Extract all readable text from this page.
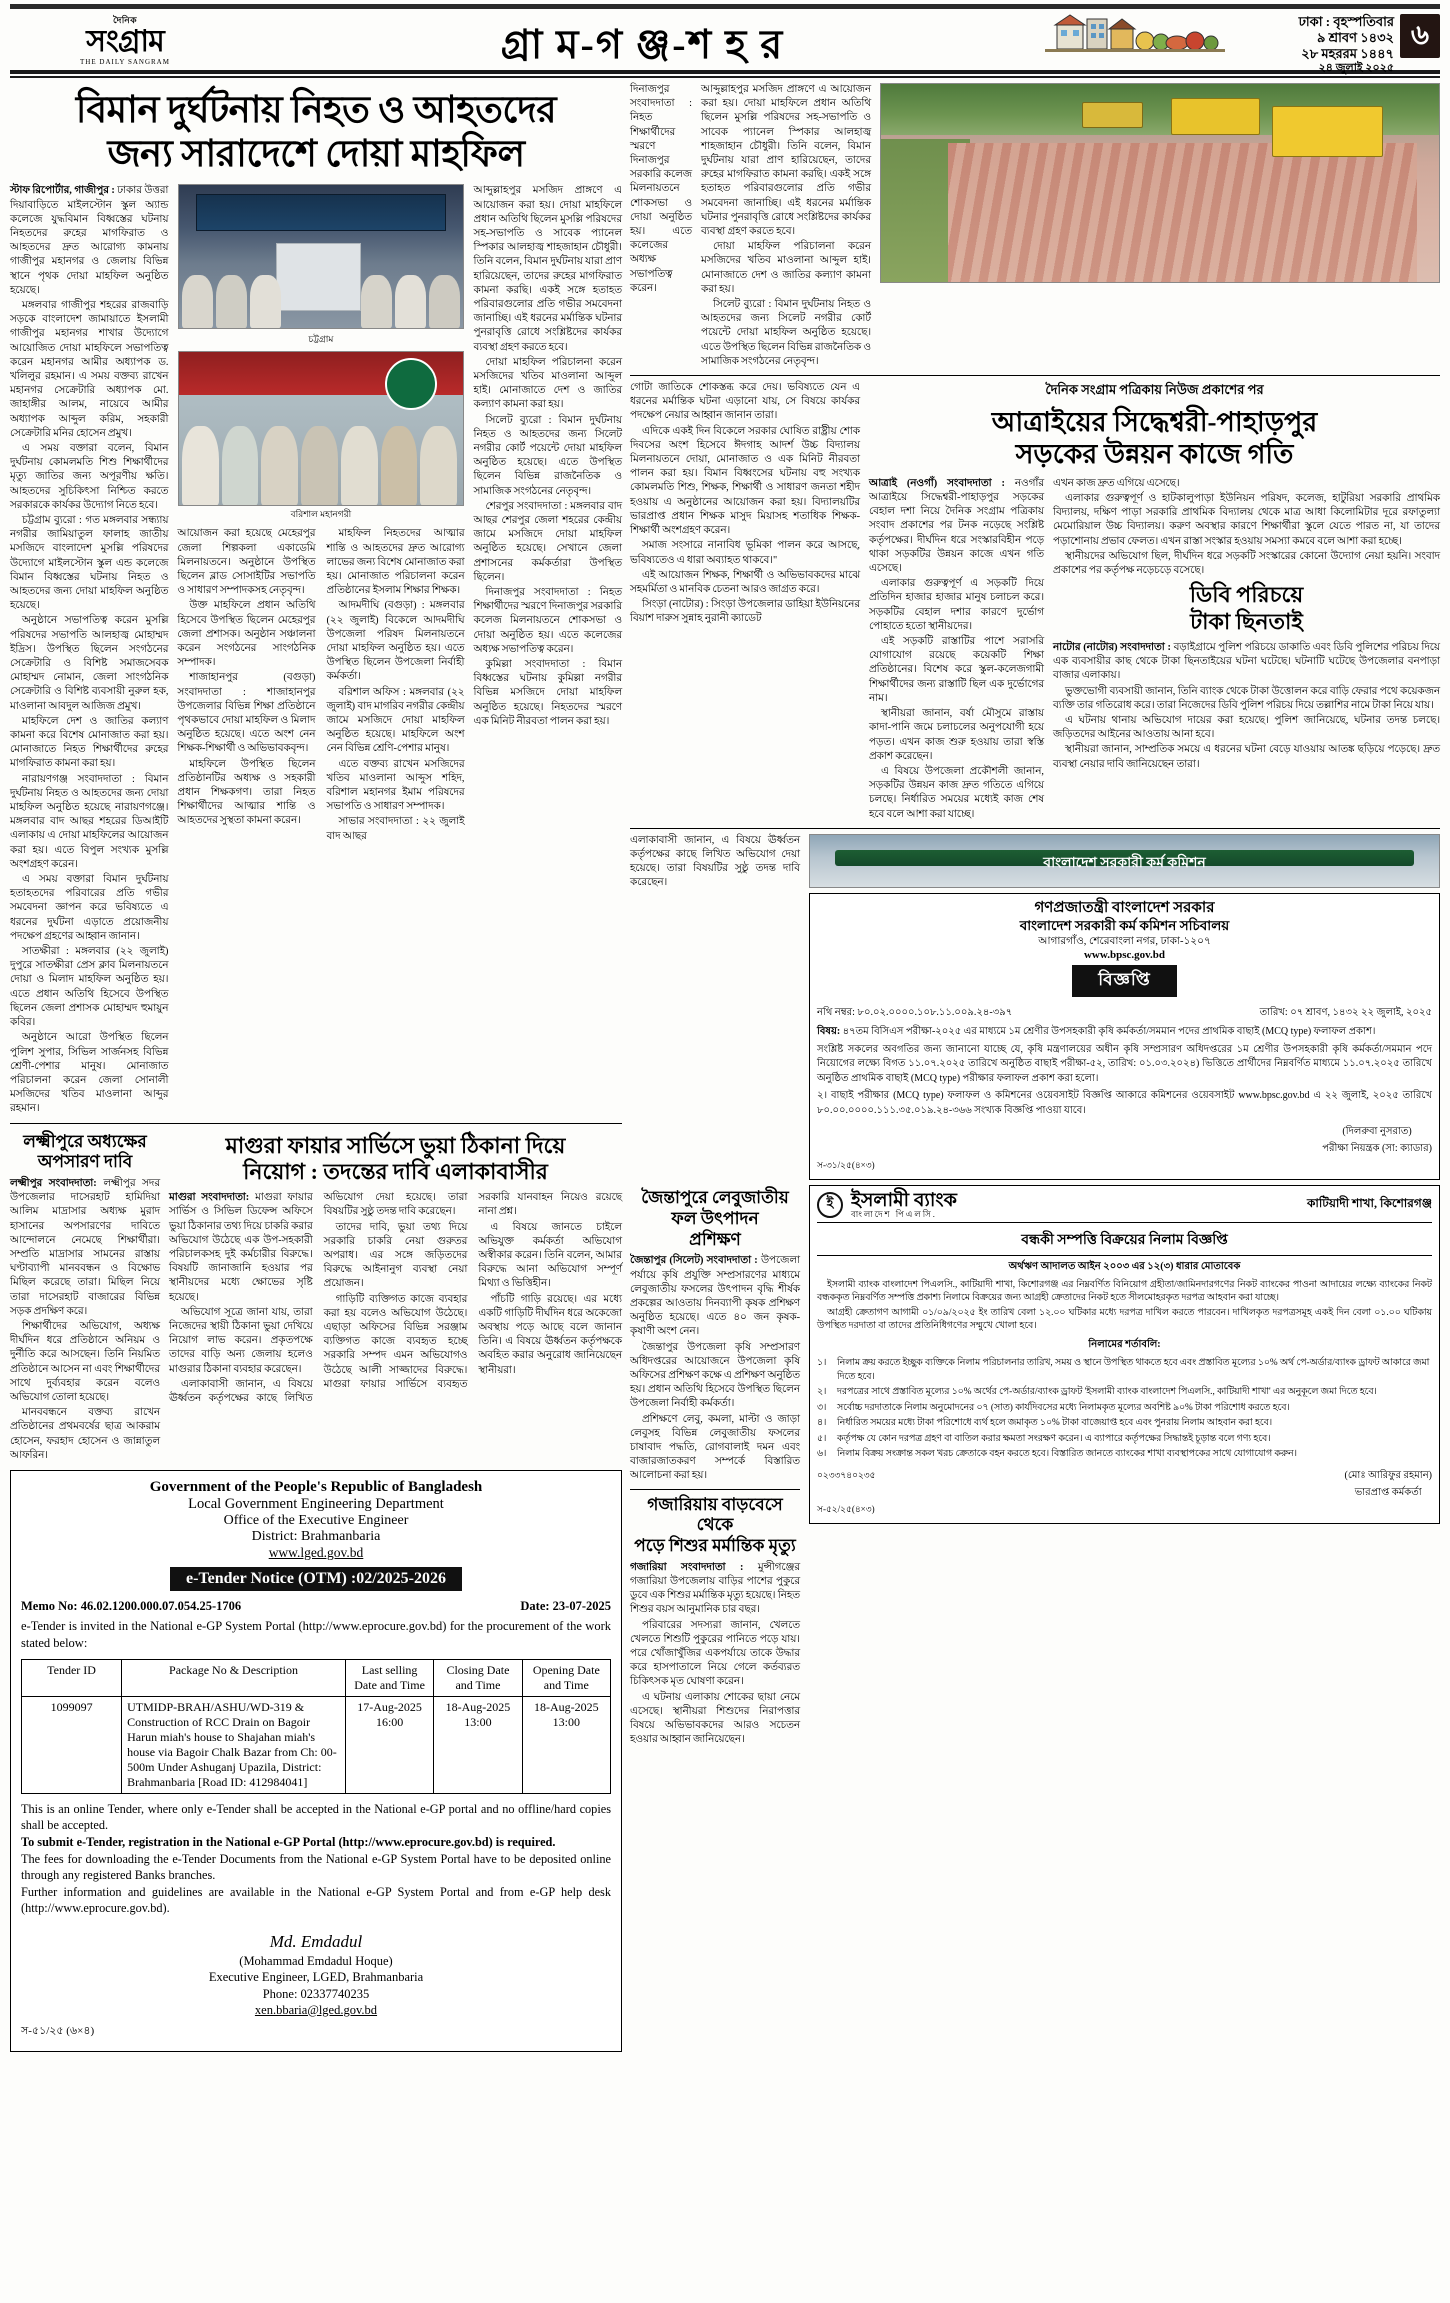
দৈনিক
সংগ্রাম
THE DAILY SANGRAM	গ্রা ম-গ ঞ্জ-শ হ র
ঢাকা : বৃহস্পতিবার
৯ শ্রাবণ ১৪৩২
২৮ মহররম ১৪৪৭
২৪ জুলাই ২০২৫
৬
বিমান দুর্ঘটনায় নিহত ও আহতদের
জন্য সারাদেশে দোয়া মাহফিল

স্টাফ রিপোর্টার, গাজীপুর : ঢাকার উত্তরা দিয়াবাড়িতে মাইলস্টোন স্কুল অ্যান্ড কলেজে যুদ্ধবিমান বিধ্বস্তের ঘটনায় নিহতদের রুহের মাগফিরাত ও আহতদের দ্রুত আরোগ্য কামনায় গাজীপুর মহানগর ও জেলায় বিভিন্ন স্থানে পৃথক দোয়া মাহফিল অনুষ্ঠিত হয়েছে।

মঙ্গলবার গাজীপুর শহরের রাজবাড়ি সড়কে বাংলাদেশ জামায়াতে ইসলামী গাজীপুর মহানগর শাখার উদ্যোগে আয়োজিত দোয়া মাহফিলে সভাপতিত্ব করেন মহানগর আমীর অধ্যাপক ড. খলিলুর রহমান। এ সময় বক্তব্য রাখেন মহানগর সেক্রেটারি অধ্যাপক মো. জাহাঙ্গীর আলম, নায়েবে আমীর অধ্যাপক আব্দুল করিম, সহকারী সেক্রেটারি মনির হোসেন প্রমুখ।

এ সময় বক্তারা বলেন, বিমান দুর্ঘটনায় কোমলমতি শিশু শিক্ষার্থীদের মৃত্যু জাতির জন্য অপূরণীয় ক্ষতি। আহতদের সুচিকিৎসা নিশ্চিত করতে সরকারকে কার্যকর উদ্যোগ নিতে হবে।

চট্টগ্রাম ব্যুরো : গত মঙ্গলবার সন্ধ্যায় নগরীর জামিয়াতুল ফালাহ জাতীয় মসজিদে বাংলাদেশ মুসল্লি পরিষদের উদ্যোগে মাইলস্টোন স্কুল এন্ড কলেজে বিমান বিধ্বস্তের ঘটনায় নিহত ও আহতদের জন্য দোয়া মাহফিল অনুষ্ঠিত হয়েছে।

অনুষ্ঠানে সভাপতিত্ব করেন মুসল্লি পরিষদের সভাপতি আলহাজ্ব মোহাম্মদ ইদ্রিস। উপস্থিত ছিলেন সংগঠনের সেক্রেটারি ও বিশিষ্ট সমাজসেবক মোহাম্মদ নোমান, জেলা সাংগঠনিক সেক্রেটারি ও বিশিষ্ট ব্যবসায়ী নুরুল হক, মাওলানা আবদুল আজিজ প্রমুখ।

মাহফিলে দেশ ও জাতির কল্যাণ কামনা করে বিশেষ মোনাজাত করা হয়। মোনাজাতে নিহত শিক্ষার্থীদের রুহের মাগফিরাত কামনা করা হয়।

নারায়ণগঞ্জ সংবাদদাতা : বিমান দুর্ঘটনায় নিহত ও আহতদের জন্য দোয়া মাহফিল অনুষ্ঠিত হয়েছে নারায়ণগঞ্জে। মঙ্গলবার বাদ আছর শহরের ডিআইটি এলাকায় এ দোয়া মাহফিলের আয়োজন করা হয়। এতে বিপুল সংখ্যক মুসল্লি অংশগ্রহণ করেন।

এ সময় বক্তারা বিমান দুর্ঘটনায় হতাহতদের পরিবারের প্রতি গভীর সমবেদনা জ্ঞাপন করে ভবিষ্যতে এ ধরনের দুর্ঘটনা এড়াতে প্রয়োজনীয় পদক্ষেপ গ্রহণের আহ্বান জানান।

সাতক্ষীরা : মঙ্গলবার (২২ জুলাই) দুপুরে সাতক্ষীরা প্রেস ক্লাব মিলনায়তনে দোয়া ও মিলাদ মাহফিল অনুষ্ঠিত হয়। এতে প্রধান অতিথি হিসেবে উপস্থিত ছিলেন জেলা প্রশাসক মোহাম্মদ হুমায়ুন কবির।

অনুষ্ঠানে আরো উপস্থিত ছিলেন পুলিশ সুপার, সিভিল সার্জনসহ বিভিন্ন শ্রেণী-পেশার মানুষ। মোনাজাত পরিচালনা করেন জেলা সোনালী মসজিদের খতিব মাওলানা আব্দুর রহমান।

চট্টগ্রাম
বরিশাল মহানগরী

আয়োজন করা হয়েছে মেহেরপুর জেলা শিল্পকলা একাডেমি মিলনায়তনে। অনুষ্ঠানে উপস্থিত ছিলেন ব্লাড সোসাইটির সভাপতি ও সাধারণ সম্পাদকসহ নেতৃবৃন্দ।

উক্ত মাহফিলে প্রধান অতিথি হিসেবে উপস্থিত ছিলেন মেহেরপুর জেলা প্রশাসক। অনুষ্ঠান সঞ্চালনা করেন সংগঠনের সাংগঠনিক সম্পাদক।

শাজাহানপুর (বগুড়া) সংবাদদাতা : শাজাহানপুর উপজেলার বিভিন্ন শিক্ষা প্রতিষ্ঠানে পৃথকভাবে দোয়া মাহফিল ও মিলাদ অনুষ্ঠিত হয়েছে। এতে অংশ নেন শিক্ষক-শিক্ষার্থী ও অভিভাবকবৃন্দ।

মাহফিলে উপস্থিত ছিলেন প্রতিষ্ঠানটির অধ্যক্ষ ও সহকারী প্রধান শিক্ষকগণ। তারা নিহত শিক্ষার্থীদের আত্মার শান্তি ও আহতদের সুস্থতা কামনা করেন।

মাহফিল নিহতদের আত্মার শান্তি ও আহতদের দ্রুত আরোগ্য লাভের জন্য বিশেষ মোনাজাত করা হয়। মোনাজাত পরিচালনা করেন প্রতিষ্ঠানের ইসলাম শিক্ষার শিক্ষক।

আদমদীঘি (বগুড়া) : মঙ্গলবার (২২ জুলাই) বিকেলে আদমদীঘি উপজেলা পরিষদ মিলনায়তনে দোয়া মাহফিল অনুষ্ঠিত হয়। এতে উপস্থিত ছিলেন উপজেলা নির্বাহী কর্মকর্তা।

বরিশাল অফিস : মঙ্গলবার (২২ জুলাই) বাদ মাগরিব নগরীর কেন্দ্রীয় জামে মসজিদে দোয়া মাহফিল অনুষ্ঠিত হয়েছে। মাহফিলে অংশ নেন বিভিন্ন শ্রেণি-পেশার মানুষ।

এতে বক্তব্য রাখেন মসজিদের খতিব মাওলানা আব্দুস শহিদ, বরিশাল মহানগর ইমাম পরিষদের সভাপতি ও সাধারণ সম্পাদক।

সাভার সংবাদদাতা : ২২ জুলাই বাদ আছর

আব্দুল্লাহপুর মসজিদ প্রাঙ্গণে এ আয়োজন করা হয়। দোয়া মাহফিলে প্রধান অতিথি ছিলেন মুসল্লি পরিষদের সহ-সভাপতি ও সাবেক প্যানেল স্পিকার আলহাজ্ব শাহজাহান চৌধুরী। তিনি বলেন, বিমান দুর্ঘটনায় যারা প্রাণ হারিয়েছেন, তাদের রুহের মাগফিরাত কামনা করছি। একই সঙ্গে হতাহত পরিবারগুলোর প্রতি গভীর সমবেদনা জানাচ্ছি। এই ধরনের মর্মান্তিক ঘটনার পুনরাবৃত্তি রোধে সংশ্লিষ্টদের কার্যকর ব্যবস্থা গ্রহণ করতে হবে।

দোয়া মাহফিল পরিচালনা করেন মসজিদের খতিব মাওলানা আব্দুল হাই। মোনাজাতে দেশ ও জাতির কল্যাণ কামনা করা হয়।

সিলেট ব্যুরো : বিমান দুর্ঘটনায় নিহত ও আহতদের জন্য সিলেট নগরীর কোর্ট পয়েন্টে দোয়া মাহফিল অনুষ্ঠিত হয়েছে। এতে উপস্থিত ছিলেন বিভিন্ন রাজনৈতিক ও সামাজিক সংগঠনের নেতৃবৃন্দ।

শেরপুর সংবাদদাতা : মঙ্গলবার বাদ আছর শেরপুর জেলা শহরের কেন্দ্রীয় জামে মসজিদে দোয়া মাহফিল অনুষ্ঠিত হয়েছে। সেখানে জেলা প্রশাসনের কর্মকর্তারা উপস্থিত ছিলেন।

দিনাজপুর সংবাদদাতা : নিহত শিক্ষার্থীদের স্মরণে দিনাজপুর সরকারি কলেজ মিলনায়তনে শোকসভা ও দোয়া অনুষ্ঠিত হয়। এতে কলেজের অধ্যক্ষ সভাপতিত্ব করেন।

কুমিল্লা সংবাদদাতা : বিমান বিধ্বস্তের ঘটনায় কুমিল্লা নগরীর বিভিন্ন মসজিদে দোয়া মাহফিল অনুষ্ঠিত হয়েছে। নিহতদের স্মরণে এক মিনিট নীরবতা পালন করা হয়।

লক্ষ্মীপুরে অধ্যক্ষের
অপসারণ দাবি

লক্ষ্মীপুর সংবাদদাতা: লক্ষ্মীপুর সদর উপজেলার দাসেরহাট হামিদিয়া আলিম মাদ্রাসার অধ্যক্ষ মুরাদ হাসানের অপসারণের দাবিতে আন্দোলনে নেমেছে শিক্ষার্থীরা। সম্প্রতি মাদ্রাসার সামনের রাস্তায় ঘণ্টাব্যাপী মানববন্ধন ও বিক্ষোভ মিছিল করেছে তারা। মিছিল নিয়ে তারা দাসেরহাট বাজারের বিভিন্ন সড়ক প্রদক্ষিণ করে।

শিক্ষার্থীদের অভিযোগ, অধ্যক্ষ দীর্ঘদিন ধরে প্রতিষ্ঠানে অনিয়ম ও দুর্নীতি করে আসছেন। তিনি নিয়মিত প্রতিষ্ঠানে আসেন না এবং শিক্ষার্থীদের সাথে দুর্ব্যবহার করেন বলেও অভিযোগ তোলা হয়েছে।

মানববন্ধনে বক্তব্য রাখেন প্রতিষ্ঠানের প্রথমবর্ষের ছাত্র আকরাম হোসেন, ফরহাদ হোসেন ও জান্নাতুল আফরিন।

মাগুরা ফায়ার সার্ভিসে ভুয়া ঠিকানা দিয়ে
নিয়োগ : তদন্তের দাবি এলাকাবাসীর

মাগুরা সংবাদদাতা: মাগুরা ফায়ার সার্ভিস ও সিভিল ডিফেন্স অফিসে ভুয়া ঠিকানার তথ্য দিয়ে চাকরি করার অভিযোগ উঠেছে এক উপ-সহকারী পরিচালকসহ দুই কর্মচারীর বিরুদ্ধে। বিষয়টি জানাজানি হওয়ার পর স্থানীয়দের মধ্যে ক্ষোভের সৃষ্টি হয়েছে।

অভিযোগ সূত্রে জানা যায়, তারা নিজেদের স্থায়ী ঠিকানা ভুয়া দেখিয়ে নিয়োগ লাভ করেন। প্রকৃতপক্ষে তাদের বাড়ি অন্য জেলায় হলেও মাগুরার ঠিকানা ব্যবহার করেছেন।

এলাকাবাসী জানান, এ বিষয়ে ঊর্ধ্বতন কর্তৃপক্ষের কাছে লিখিত অভিযোগ দেয়া হয়েছে। তারা বিষয়টির সুষ্ঠু তদন্ত দাবি করেছেন।

তাদের দাবি, ভুয়া তথ্য দিয়ে সরকারি চাকরি নেয়া গুরুতর অপরাধ। এর সঙ্গে জড়িতদের বিরুদ্ধে আইনানুগ ব্যবস্থা নেয়া প্রয়োজন।

গাড়িটি ব্যক্তিগত কাজে ব্যবহার করা হয় বলেও অভিযোগ উঠেছে। এছাড়া অফিসের বিভিন্ন সরঞ্জাম ব্যক্তিগত কাজে ব্যবহৃত হচ্ছে সরকারি সম্পদ এমন অভিযোগও উঠেছে আলী সাজ্জাদের বিরুদ্ধে। মাগুরা ফায়ার সার্ভিসে ব্যবহৃত সরকারি যানবাহন নিয়েও রয়েছে নানা প্রশ্ন।

এ বিষয়ে জানতে চাইলে অভিযুক্ত কর্মকর্তা অভিযোগ অস্বীকার করেন। তিনি বলেন, আমার বিরুদ্ধে আনা অভিযোগ সম্পূর্ণ মিথ্যা ও ভিত্তিহীন।

পাঁচটি গাড়ি রয়েছে। এর মধ্যে একটি গাড়িটি দীর্ঘদিন ধরে অকেজো অবস্থায় পড়ে আছে বলে জানান তিনি। এ বিষয়ে ঊর্ধ্বতন কর্তৃপক্ষকে অবহিত করার অনুরোধ জানিয়েছেন স্থানীয়রা।

Government of the People's Republic of Bangladesh
Local Government Engineering Department
Office of the Executive Engineer
District: Brahmanbaria
www.lged.gov.bd
e-Tender Notice (OTM) :02/2025-2026
Memo No: 46.02.1200.000.07.054.25-1706	Date: 23-07-2025
e-Tender is invited in the National e-GP System Portal (http://www.eprocure.gov.bd) for the procurement of the work stated below:
Tender ID	Package No & Description	Last selling Date and Time	Closing Date and Time	Opening Date and Time
1099097	UTMIDP-BRAH/ASHU/WD-319 & Construction of RCC Drain on Bagoir Harun miah's house to Shajahan miah's house via Bagoir Chalk Bazar from Ch: 00-500m Under Ashuganj Upazila, District: Brahmanbaria [Road ID: 412984041]	17-Aug-2025 16:00	18-Aug-2025 13:00	18-Aug-2025 13:00
This is an online Tender, where only e-Tender shall be accepted in the National e-GP portal and no offline/hard copies shall be accepted.
To submit e-Tender, registration in the National e-GP Portal (http://www.eprocure.gov.bd) is required.
The fees for downloading the e-Tender Documents from the National e-GP System Portal have to be deposited online through any registered Banks branches.
Further information and guidelines are available in the National e-GP System Portal and from e-GP help desk (http://www.eprocure.gov.bd).
Md. Emdadul
(Mohammad Emdadul Hoque)
Executive Engineer, LGED, Brahmanbaria
Phone: 02337740235
xen.bbaria@lged.gov.bd
স-৫১/২৫ (৬×৪)

দিনাজপুর সংবাদদাতা : নিহত শিক্ষার্থীদের স্মরণে দিনাজপুর সরকারি কলেজ মিলনায়তনে শোকসভা ও দোয়া অনুষ্ঠিত হয়। এতে কলেজের অধ্যক্ষ সভাপতিত্ব করেন।

আব্দুল্লাহপুর মসজিদ প্রাঙ্গণে এ আয়োজন করা হয়। দোয়া মাহফিলে প্রধান অতিথি ছিলেন মুসল্লি পরিষদের সহ-সভাপতি ও সাবেক প্যানেল স্পিকার আলহাজ্ব শাহজাহান চৌধুরী। তিনি বলেন, বিমান দুর্ঘটনায় যারা প্রাণ হারিয়েছেন, তাদের রুহের মাগফিরাত কামনা করছি। একই সঙ্গে হতাহত পরিবারগুলোর প্রতি গভীর সমবেদনা জানাচ্ছি। এই ধরনের মর্মান্তিক ঘটনার পুনরাবৃত্তি রোধে সংশ্লিষ্টদের কার্যকর ব্যবস্থা গ্রহণ করতে হবে।

দোয়া মাহফিল পরিচালনা করেন মসজিদের খতিব মাওলানা আব্দুল হাই। মোনাজাতে দেশ ও জাতির কল্যাণ কামনা করা হয়।

সিলেট ব্যুরো : বিমান দুর্ঘটনায় নিহত ও আহতদের জন্য সিলেট নগরীর কোর্ট পয়েন্টে দোয়া মাহফিল অনুষ্ঠিত হয়েছে। এতে উপস্থিত ছিলেন বিভিন্ন রাজনৈতিক ও সামাজিক সংগঠনের নেতৃবৃন্দ।

গোটা জাতিকে শোকস্তব্ধ করে দেয়। ভবিষ্যতে যেন এ ধরনের মর্মান্তিক ঘটনা এড়ানো যায়, সে বিষয়ে কার্যকর পদক্ষেপ নেয়ার আহ্বান জানান তারা।

এদিকে একই দিন বিকেলে সরকার ঘোষিত রাষ্ট্রীয় শোক দিবসের অংশ হিসেবে ঈদগাহ আদর্শ উচ্চ বিদ্যালয় মিলনায়তনে দোয়া, মোনাজাত ও এক মিনিট নীরবতা পালন করা হয়। বিমান বিধ্বংসের ঘটনায় বহু সংখ্যক কোমলমতি শিশু, শিক্ষক, শিক্ষার্থী ও সাধারণ জনতা শহীদ হওয়ায় এ অনুষ্ঠানের আয়োজন করা হয়। বিদ্যালয়টির ভারপ্রাপ্ত প্রধান শিক্ষক মাসুদ মিয়াসহ শতাধিক শিক্ষক-শিক্ষার্থী অংশগ্রহণ করেন।

সমাজ সংসারে নানাবিধ ভূমিকা পালন করে আসছে, ভবিষ্যতেও এ ধারা অব্যাহত থাকবে।"

এই আয়োজন শিক্ষক, শিক্ষার্থী ও অভিভাবকদের মাঝে সহমর্মিতা ও মানবিক চেতনা আরও জাগ্রত করে।

সিংড়া (নাটোর) : সিংড়া উপজেলার ডাহিয়া ইউনিয়নের বিয়াশ দারুস সুন্নাহ নুরানী ক্যাডেট

দৈনিক সংগ্রাম পত্রিকায় নিউজ প্রকাশের পর
আত্রাইয়ের সিদ্ধেশ্বরী-পাহাড়পুর
সড়কের উন্নয়ন কাজে গতি

আত্রাই (নওগাঁ) সংবাদদাতা : নওগাঁর আত্রাইয়ে সিদ্ধেশ্বরী-পাহাড়পুর সড়কের বেহাল দশা নিয়ে দৈনিক সংগ্রাম পত্রিকায় সংবাদ প্রকাশের পর টনক নড়েছে সংশ্লিষ্ট কর্তৃপক্ষের। দীর্ঘদিন ধরে সংস্কারবিহীন পড়ে থাকা সড়কটির উন্নয়ন কাজে এখন গতি এসেছে।

এলাকার গুরুত্বপূর্ণ এ সড়কটি দিয়ে প্রতিদিন হাজার হাজার মানুষ চলাচল করে। সড়কটির বেহাল দশার কারণে দুর্ভোগ পোহাতে হতো স্থানীয়দের।

এই সড়কটি রাস্তাটির পাশে সরাসরি যোগাযোগ রয়েছে কয়েকটি শিক্ষা প্রতিষ্ঠানের। বিশেষ করে স্কুল-কলেজগামী শিক্ষার্থীদের জন্য রাস্তাটি ছিল এক দুর্ভোগের নাম।

স্থানীয়রা জানান, বর্ষা মৌসুমে রাস্তায় কাদা-পানি জমে চলাচলের অনুপযোগী হয়ে পড়ত। এখন কাজ শুরু হওয়ায় তারা স্বস্তি প্রকাশ করেছেন।

এ বিষয়ে উপজেলা প্রকৌশলী জানান, সড়কটির উন্নয়ন কাজ দ্রুত গতিতে এগিয়ে চলছে। নির্ধারিত সময়ের মধ্যেই কাজ শেষ হবে বলে আশা করা যাচ্ছে।

এখন কাজ দ্রুত এগিয়ে এসেছে।

এলাকার গুরুত্বপূর্ণ ও হাটকালুপাড়া ইউনিয়ন পরিষদ, কলেজ, হাটুরিয়া সরকারি প্রাথমিক বিদ্যালয়, দক্ষিণ পাড়া সরকারি প্রাথমিক বিদ্যালয় থেকে মাত্র আধা কিলোমিটার দূরে রফাতুল্যা মেমোরিয়াল উচ্চ বিদ্যালয়। করুণ অবস্থার কারণে শিক্ষার্থীরা স্কুলে যেতে পারত না, যা তাদের পড়াশোনায় প্রভাব ফেলত। এখন রাস্তা সংস্কার হওয়ায় সমস্যা কমবে বলে আশা করা হচ্ছে।

স্থানীয়দের অভিযোগ ছিল, দীর্ঘদিন ধরে সড়কটি সংস্কারের কোনো উদ্যোগ নেয়া হয়নি। সংবাদ প্রকাশের পর কর্তৃপক্ষ নড়েচড়ে বসেছে।

ডিবি পরিচয়ে
টাকা ছিনতাই

নাটোর (নাটোর) সংবাদদাতা : বড়াইগ্রামে পুলিশ পরিচয়ে ডাকাতি এবং ডিবি পুলিশের পরিচয় দিয়ে এক ব্যবসায়ীর কাছ থেকে টাকা ছিনতাইয়ের ঘটনা ঘটেছে। ঘটনাটি ঘটেছে উপজেলার বনপাড়া বাজার এলাকায়।

ভুক্তভোগী ব্যবসায়ী জানান, তিনি ব্যাংক থেকে টাকা উত্তোলন করে বাড়ি ফেরার পথে কয়েকজন ব্যক্তি তার গতিরোধ করে। তারা নিজেদের ডিবি পুলিশ পরিচয় দিয়ে তল্লাশির নামে টাকা নিয়ে যায়।

এ ঘটনায় থানায় অভিযোগ দায়ের করা হয়েছে। পুলিশ জানিয়েছে, ঘটনার তদন্ত চলছে। জড়িতদের আইনের আওতায় আনা হবে।

স্থানীয়রা জানান, সাম্প্রতিক সময়ে এ ধরনের ঘটনা বেড়ে যাওয়ায় আতঙ্ক ছড়িয়ে পড়েছে। দ্রুত ব্যবস্থা নেয়ার দাবি জানিয়েছেন তারা।

এলাকাবাসী জানান, এ বিষয়ে ঊর্ধ্বতন কর্তৃপক্ষের কাছে লিখিত অভিযোগ দেয়া হয়েছে। তারা বিষয়টির সুষ্ঠু তদন্ত দাবি করেছেন।

বাংলাদেশ সরকারী কর্ম কমিশন
গণপ্রজাতন্ত্রী বাংলাদেশ সরকার
বাংলাদেশ সরকারী কর্ম কমিশন সচিবালয়
আগারগাঁও, শেরেবাংলা নগর, ঢাকা-১২০৭
www.bpsc.gov.bd
বিজ্ঞপ্তি
নথি নম্বর: ৮০.০২.০০০০.১০৮.১১.০০৯.২৪-৩৯৭	তারিখ: ০৭ শ্রাবণ, ১৪৩২ ২২ জুলাই, ২০২৫
বিষয়: ৪৭তম বিসিএস পরীক্ষা-২০২৫ এর মাধ্যমে ১ম শ্রেণীর উপসহকারী কৃষি কর্মকর্তা/সমমান পদের প্রাথমিক বাছাই (MCQ type) ফলাফল প্রকাশ।
সংশ্লিষ্ট সকলের অবগতির জন্য জানানো যাচ্ছে যে, কৃষি মন্ত্রণালয়ের অধীন কৃষি সম্প্রসারণ অধিদপ্তরের ১ম শ্রেণীর উপসহকারী কৃষি কর্মকর্তা/সমমান পদে নিয়োগের লক্ষ্যে বিগত ১১.০৭.২০২৫ তারিখে অনুষ্ঠিত বাছাই পরীক্ষা-৫২, তারিখ: ০১.০৩.২০২৪) ভিত্তিতে প্রার্থীদের নিম্নবর্ণিত মাধ্যমে ১১.০৭.২০২৫ তারিখে অনুষ্ঠিত প্রাথমিক বাছাই (MCQ type) পরীক্ষার ফলাফল প্রকাশ করা হলো।
২। বাছাই পরীক্ষার (MCQ type) ফলাফল ও কমিশনের ওয়েবসাইট বিজ্ঞপ্তি আকারে কমিশনের ওয়েবসাইট www.bpsc.gov.bd এ ২২ জুলাই, ২০২৫ তারিখে ৮০.০০.০০০০.১১১.৩৫.০১৯.২৪-৩৬৬ সংখ্যক বিজ্ঞপ্তি পাওয়া যাবে।
(দিলরুবা নুসরাত)
পরীক্ষা নিয়ন্ত্রক (সা: ক্যাডার)
স-৩১/২৫(৪×৩)
জৈন্তাপুরে লেবুজাতীয়
ফল উৎপাদন
প্রশিক্ষণ

জৈন্তাপুর (সিলেট) সংবাদদাতা : উপজেলা পর্যায়ে কৃষি প্রযুক্তি সম্প্রসারণের মাধ্যমে লেবুজাতীয় ফসলের উৎপাদন বৃদ্ধি শীর্ষক প্রকল্পের আওতায় দিনব্যাপী কৃষক প্রশিক্ষণ অনুষ্ঠিত হয়েছে। এতে ৪০ জন কৃষক-কৃষাণী অংশ নেন।

জৈন্তাপুর উপজেলা কৃষি সম্প্রসারণ অধিদপ্তরের আয়োজনে উপজেলা কৃষি অফিসের প্রশিক্ষণ কক্ষে এ প্রশিক্ষণ অনুষ্ঠিত হয়। প্রধান অতিথি হিসেবে উপস্থিত ছিলেন উপজেলা নির্বাহী কর্মকর্তা।

প্রশিক্ষণে লেবু, কমলা, মাল্টা ও জাড়া লেবুসহ বিভিন্ন লেবুজাতীয় ফসলের চাষাবাদ পদ্ধতি, রোগবালাই দমন এবং বাজারজাতকরণ সম্পর্কে বিস্তারিত আলোচনা করা হয়।

গজারিয়ায় বাড়বেসে থেকে
পড়ে শিশুর মর্মান্তিক মৃত্যু

গজারিয়া সংবাদদাতা : মুন্সীগঞ্জের গজারিয়া উপজেলায় বাড়ির পাশের পুকুরে ডুবে এক শিশুর মর্মান্তিক মৃত্যু হয়েছে। নিহত শিশুর বয়স আনুমানিক চার বছর।

পরিবারের সদস্যরা জানান, খেলতে খেলতে শিশুটি পুকুরের পানিতে পড়ে যায়। পরে খোঁজাখুঁজির একপর্যায়ে তাকে উদ্ধার করে হাসপাতালে নিয়ে গেলে কর্তব্যরত চিকিৎসক মৃত ঘোষণা করেন।

এ ঘটনায় এলাকায় শোকের ছায়া নেমে এসেছে। স্থানীয়রা শিশুদের নিরাপত্তার বিষয়ে অভিভাবকদের আরও সচেতন হওয়ার আহ্বান জানিয়েছেন।

ই ইসলামী ব্যাংক
বাংলাদেশ পিএলসি.
কাটিয়াদী শাখা, কিশোরগঞ্জ
বন্ধকী সম্পত্তি বিক্রয়ের নিলাম বিজ্ঞপ্তি
অর্থঋণ আদালত আইন ২০০৩ এর ১২(৩) ধারার মোতাবেক

ইসলামী ব্যাংক বাংলাদেশ পিএলসি., কাটিয়াদী শাখা, কিশোরগঞ্জ এর নিম্নবর্ণিত বিনিয়োগ গ্রহীতা/জামিনদারগণের নিকট ব্যাংকের পাওনা আদায়ের লক্ষ্যে ব্যাংকের নিকট বন্ধককৃত নিম্নবর্ণিত সম্পত্তি প্রকাশ্য নিলামে বিক্রয়ের জন্য আগ্রহী ক্রেতাদের নিকট হতে সীলমোহরকৃত দরপত্র আহবান করা যাচ্ছে।

আগ্রহী ক্রেতাগণ আগামী ০১/০৯/২০২৫ ইং তারিখ বেলা ১২.০০ ঘটিকার মধ্যে দরপত্র দাখিল করতে পারবেন। দাখিলকৃত দরপত্রসমূহ একই দিন বেলা ০১.০০ ঘটিকায় উপস্থিত দরদাতা বা তাদের প্রতিনিধিগণের সম্মুখে খোলা হবে।

নিলামের শর্তাবলি:
১।	নিলাম ক্রয় করতে ইচ্ছুক ব্যক্তিকে নিলাম পরিচালনার তারিখ, সময় ও স্থানে উপস্থিত থাকতে হবে এবং প্রস্তাবিত মূল্যের ১০% অর্থ পে-অর্ডার/ব্যাংক ড্রাফট আকারে জমা দিতে হবে।
২।	দরপত্রের সাথে প্রস্তাবিত মূল্যের ১০% অর্থের পে-অর্ডার/ব্যাংক ড্রাফট 'ইসলামী ব্যাংক বাংলাদেশ পিএলসি., কাটিয়াদী শাখা' এর অনুকূলে জমা দিতে হবে।
৩।	সর্বোচ্চ দরদাতাকে নিলাম অনুমোদনের ০৭ (সাত) কার্যদিবসের মধ্যে নিলামকৃত মূল্যের অবশিষ্ট ৯০% টাকা পরিশোধ করতে হবে।
৪।	নির্ধারিত সময়ের মধ্যে টাকা পরিশোধে ব্যর্থ হলে জমাকৃত ১০% টাকা বাজেয়াপ্ত হবে এবং পুনরায় নিলাম আহবান করা হবে।
৫।	কর্তৃপক্ষ যে কোন দরপত্র গ্রহণ বা বাতিল করার ক্ষমতা সংরক্ষণ করেন। এ ব্যাপারে কর্তৃপক্ষের সিদ্ধান্তই চূড়ান্ত বলে গণ্য হবে।
৬।	নিলাম বিক্রয় সংক্রান্ত সকল খরচ ক্রেতাকে বহন করতে হবে। বিস্তারিত জানতে ব্যাংকের শাখা ব্যবস্থাপকের সাথে যোগাযোগ করুন।
০২৩৩৭৪০২৩৫	(মোঃ আরিফুর রহমান)
ভারপ্রাপ্ত কর্মকর্তা
স-৫২/২৫(৪×৩)
